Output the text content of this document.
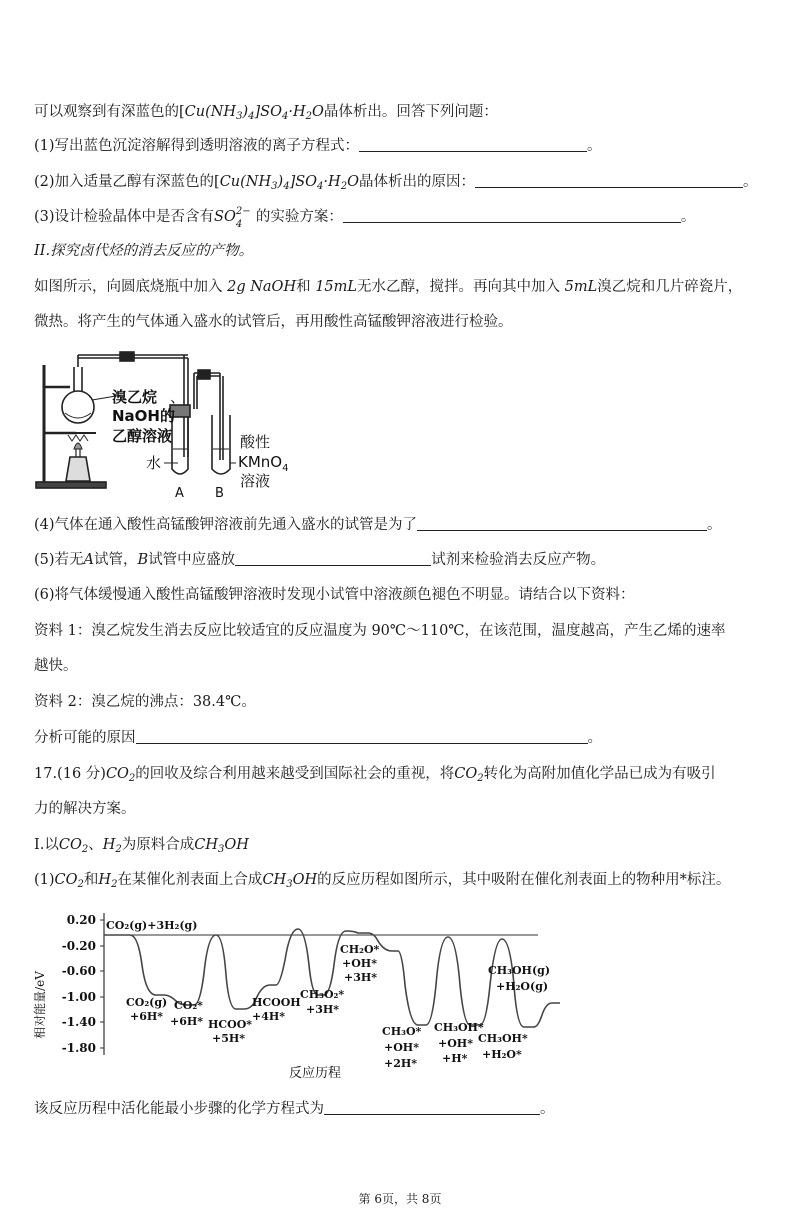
可以观察到有深蓝色的$[Cu(NH_3)_4]SO_4\cdot H_2O$晶体析出。回答下列问题：
(1)写出蓝色沉淀溶解得到透明溶液的离子方程式：	。
(2)加入适量乙醇有深蓝色的$[Cu(NH_3)_4]SO_4\cdot H_2O$晶体析出的原因：	。
(3)设计检验晶体中是否含有SO 2−
4 的实验方案：	。
II.探究卤代烃的消去反应的产物。
如图所示，向圆底烧瓶中加入 2g NaOH和 15mL无水乙醇，搅拌。再向其中加入 5mL溴乙烷和几片碎瓷片，
微热。将产生的气体通入盛水的试管后，再用酸性高锰酸钾溶液进行检验。
溴乙烷 、
NaOH的
乙醇溶液
水
酸性
KMnO$_4$
溶液
A B
(4)气体在通入酸性高锰酸钾溶液前先通入盛水的试管是为了	。
(5)若无A试管，B试管中应盛放	试剂来检验消去反应产物。
(6)将气体缓慢通入酸性高锰酸钾溶液时发现小试管中溶液颜色褪色不明显。请结合以下资料：
资料 1：溴乙烷发生消去反应比较适宜的反应温度为 90℃～110℃，在该范围，温度越高，产生乙烯的速率
越快。
资料 2：溴乙烷的沸点：38.4℃。
分析可能的原因	。
17.(16 分)$CO_2$的回收及综合利用越来越受到国际社会的重视，将$CO_2$转化为高附加值化学品已成为有吸引
力的解决方案。
I.以$CO_2$、$H_2$为原料合成$CH_3OH$
$(1)CO_2$和$H_2$在某催化剂表面上合成$CH_3OH$的反应历程如图所示，其中吸附在催化剂表面上的物种用*标注。
相对能量/eV
0.20
-0.20
-0.60
-1.00
-1.40
-1.80
反应历程
CO₂(g)+3H₂(g)
CO₂(g) +6H*
CO₂* +6H* HCOO* +5H*
HCOOH +4H*
CH₃O₂* +3H*
CH₂O* +OH* +3H*
CH₃O* +OH* +2H*
CH₃OH* +OH* +H*
CH₃OH* +H₂O*
CH₃OH(g) +H₂O(g)
该反应历程中活化能最小步骤的化学方程式为	。
第 6页，共 8页
